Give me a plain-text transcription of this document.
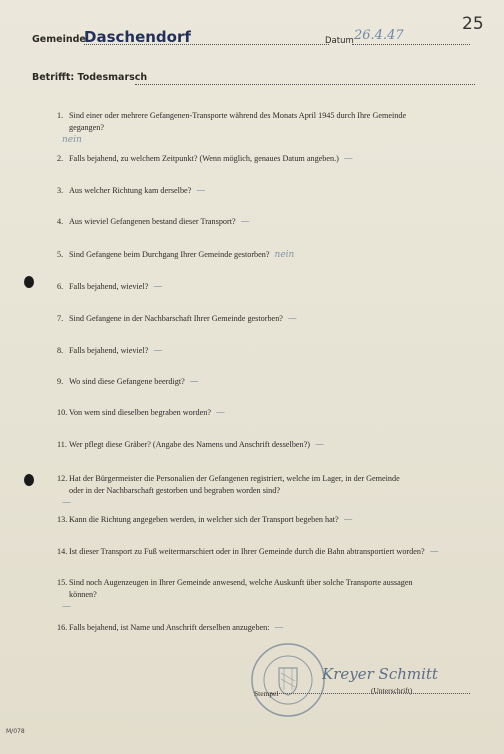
25
Gemeinde
Daschendorf	Datum 26.4.47
Betrifft: Todesmarsch
1. Sind einer oder mehrere Gefangenen-Transporte während des Monats April 1945 durch Ihre Gemeinde
gegangen?
nein
2. Falls bejahend, zu welchem Zeitpunkt? (Wenn möglich, genaues Datum angeben.) —
3. Aus welcher Richtung kam derselbe? —
4. Aus wieviel Gefangenen bestand dieser Transport? —
5. Sind Gefangene beim Durchgang Ihrer Gemeinde gestorben? nein
6. Falls bejahend, wieviel? —
7. Sind Gefangene in der Nachbarschaft Ihrer Gemeinde gestorben? —
8. Falls bejahend, wieviel? —
9. Wo sind diese Gefangene beerdigt? —
10. Von wem sind dieselben begraben worden? —
11. Wer pflegt diese Gräber? (Angabe des Namens und Anschrift desselben?) —
12. Hat der Bürgermeister die Personalien der Gefangenen registriert, welche im Lager, in der Gemeinde
oder in der Nachbarschaft gestorben und begraben worden sind?
—
13. Kann die Richtung angegeben werden, in welcher sich der Transport begeben hat? —
14. Ist dieser Transport zu Fuß weitermarschiert oder in Ihrer Gemeinde durch die Bahn abtransportiert worden? —
15. Sind noch Augenzeugen in Ihrer Gemeinde anwesend, welche Auskunft über solche Transporte aussagen
können?
—
16. Falls bejahend, ist Name und Anschrift derselben anzugeben: —
Kreyer Schmitt
Stempel	(Unterschrift)
M/078
